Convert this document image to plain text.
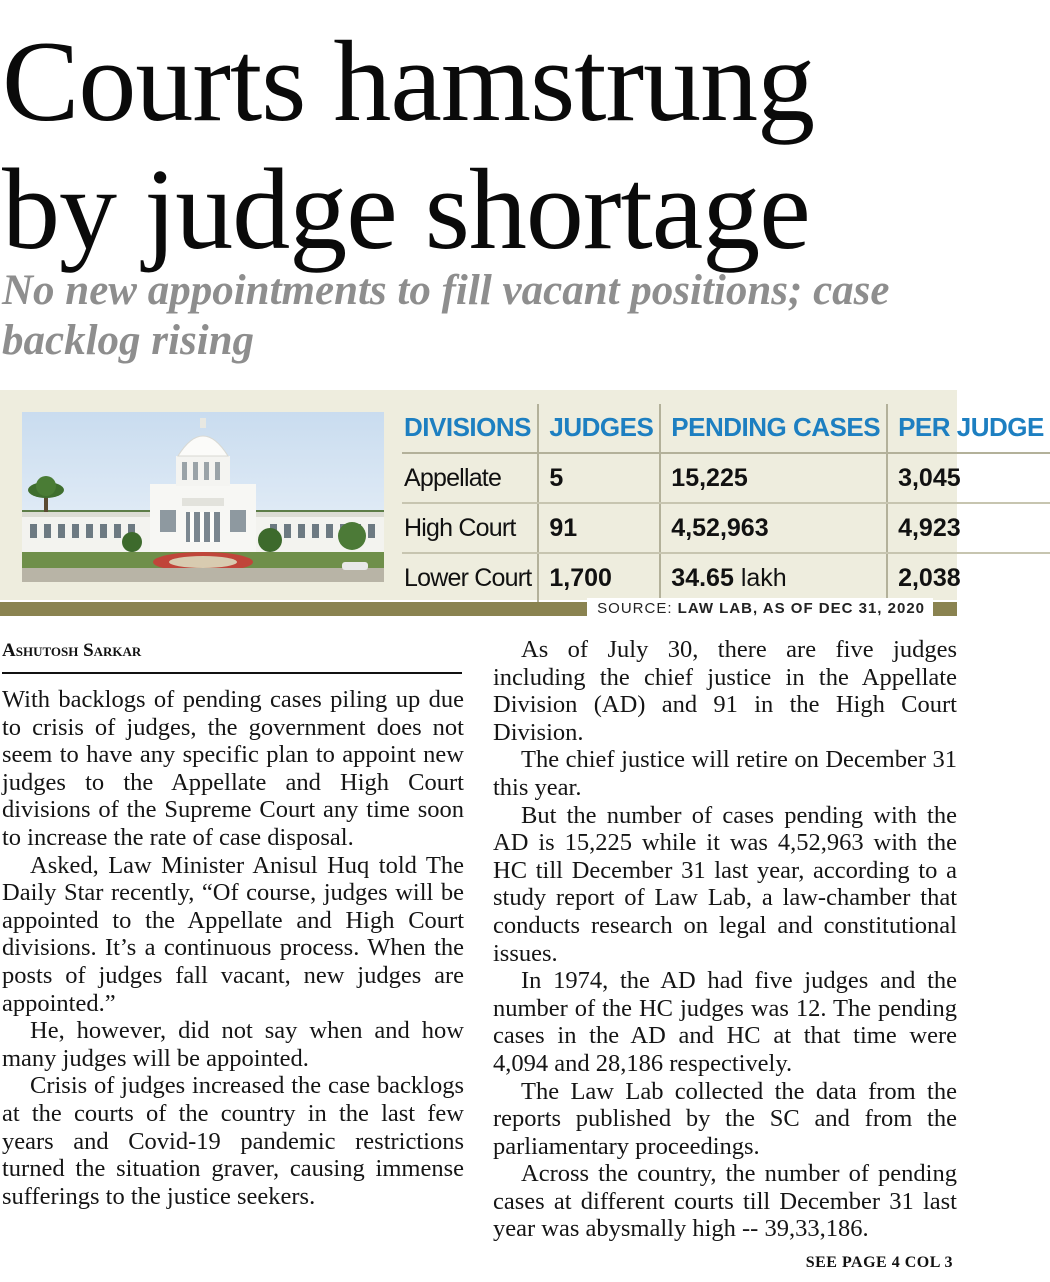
Courts hamstrung
by judge shortage

No new appointments to fill vacant positions; case backlog rising

DIVISIONS	JUDGES	PENDING CASES	PER JUDGE
Appellate	5	15,225	3,045
High Court	91	4,52,963	4,923
Lower Court	1,700	34.65 lakh	2,038
SOURCE: LAW LAB, AS OF DEC 31, 2020
Ashutosh Sarkar

With backlogs of pending cases piling up due to crisis of judges, the government does not seem to have any specific plan to appoint new judges to the Appellate and High Court divisions of the Supreme Court any time soon to increase the rate of case disposal.

Asked, Law Minister Anisul Huq told The Daily Star recently, “Of course, judges will be appointed to the Appellate and High Court divisions. It’s a continuous process. When the posts of judges fall vacant, new judges are appointed.”

He, however, did not say when and how many judges will be appointed.

Crisis of judges increased the case backlogs at the courts of the country in the last few years and Covid-19 pandemic restrictions turned the situation graver, causing immense sufferings to the justice seekers.

As of July 30, there are five judges including the chief justice in the Appellate Division (AD) and 91 in the High Court Division.

The chief justice will retire on December 31 this year.

But the number of cases pending with the AD is 15,225 while it was 4,52,963 with the HC till December 31 last year, according to a study report of Law Lab, a law-chamber that conducts research on legal and constitutional issues.

In 1974, the AD had five judges and the number of the HC judges was 12. The pending cases in the AD and HC at that time were 4,094 and 28,186 respectively.

The Law Lab collected the data from the reports published by the SC and from the parliamentary proceedings.

Across the country, the number of pending cases at different courts till December 31 last year was abysmally high -- 39,33,186.

SEE PAGE 4 COL 3
